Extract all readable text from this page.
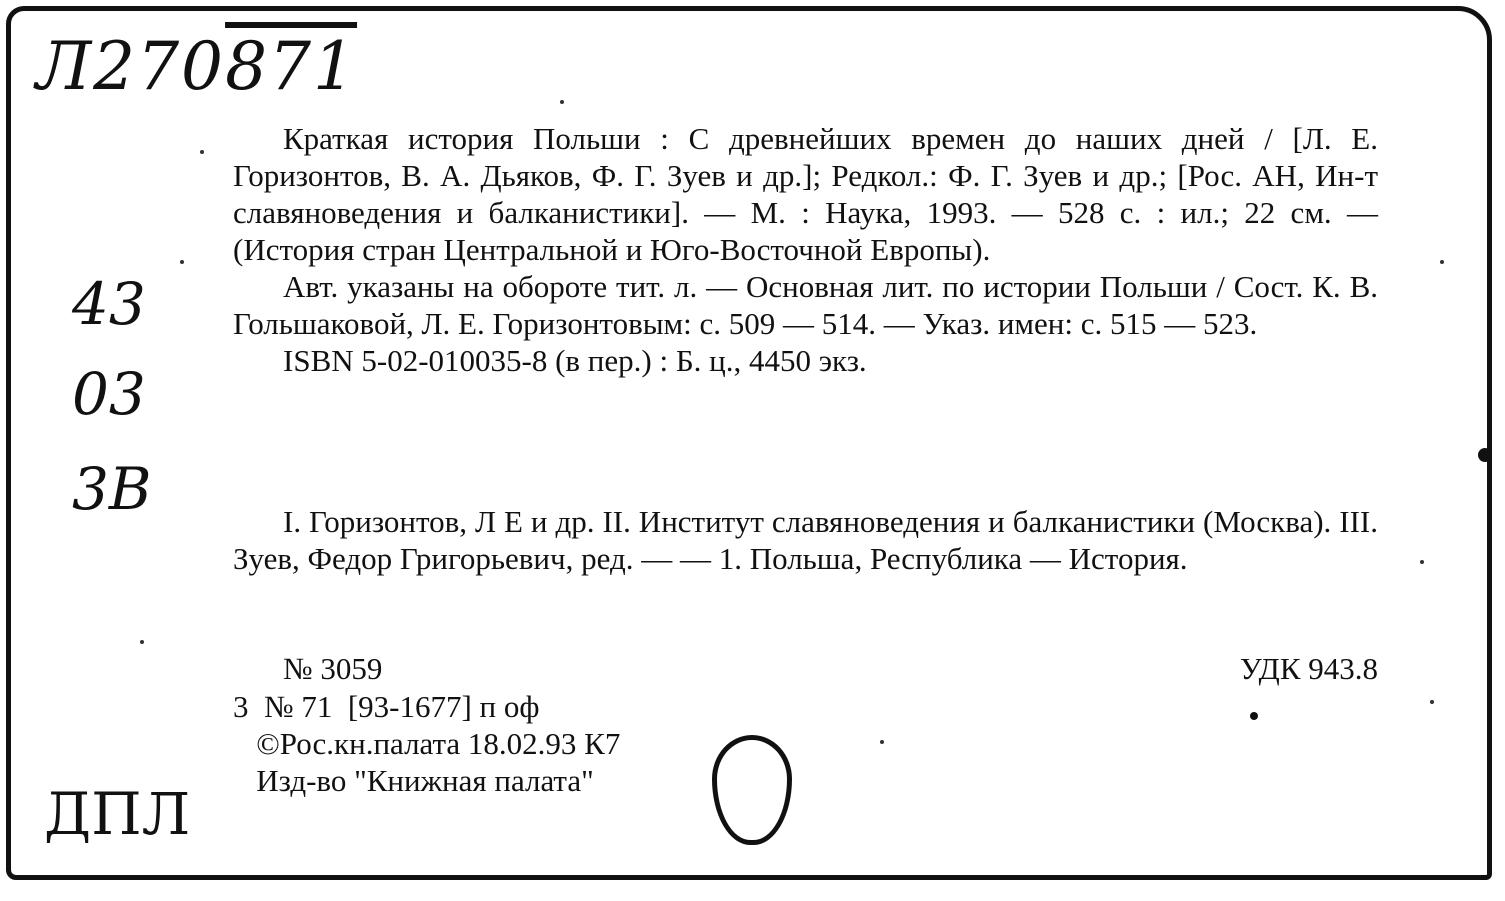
Л270871
43
03
3B
ДПЛ

Краткая история Польши : С древнейших времен до наших дней / [Л. Е. Горизонтов, В. А. Дьяков, Ф. Г. Зуев и др.]; Редкол.: Ф. Г. Зуев и др.; [Рос. АН, Ин-т славяноведения и балканистики]. — М. : Наука, 1993. — 528 с. : ил.; 22 см. — (История стран Центральной и Юго-Восточной Европы).

Авт. указаны на обороте тит. л. — Основная лит. по истории Польши / Сост. К. В. Гольшаковой, Л. Е. Горизонтовым: с. 509 — 514. — Указ. имен: с. 515 — 523.

ISBN 5-02-010035-8 (в пер.) : Б. ц., 4450 экз.

I. Горизонтов, Л Е и др. II. Институт славяноведения и балканистики (Москва). III. Зуев, Федор Григорьевич, ред. — — 1. Польша, Республика — История.

№ 3059	УДК 943.8
3  № 71  [93-1677] п оф
©Рос.кн.палата 18.02.93 К7
Изд-во "Книжная палата"
